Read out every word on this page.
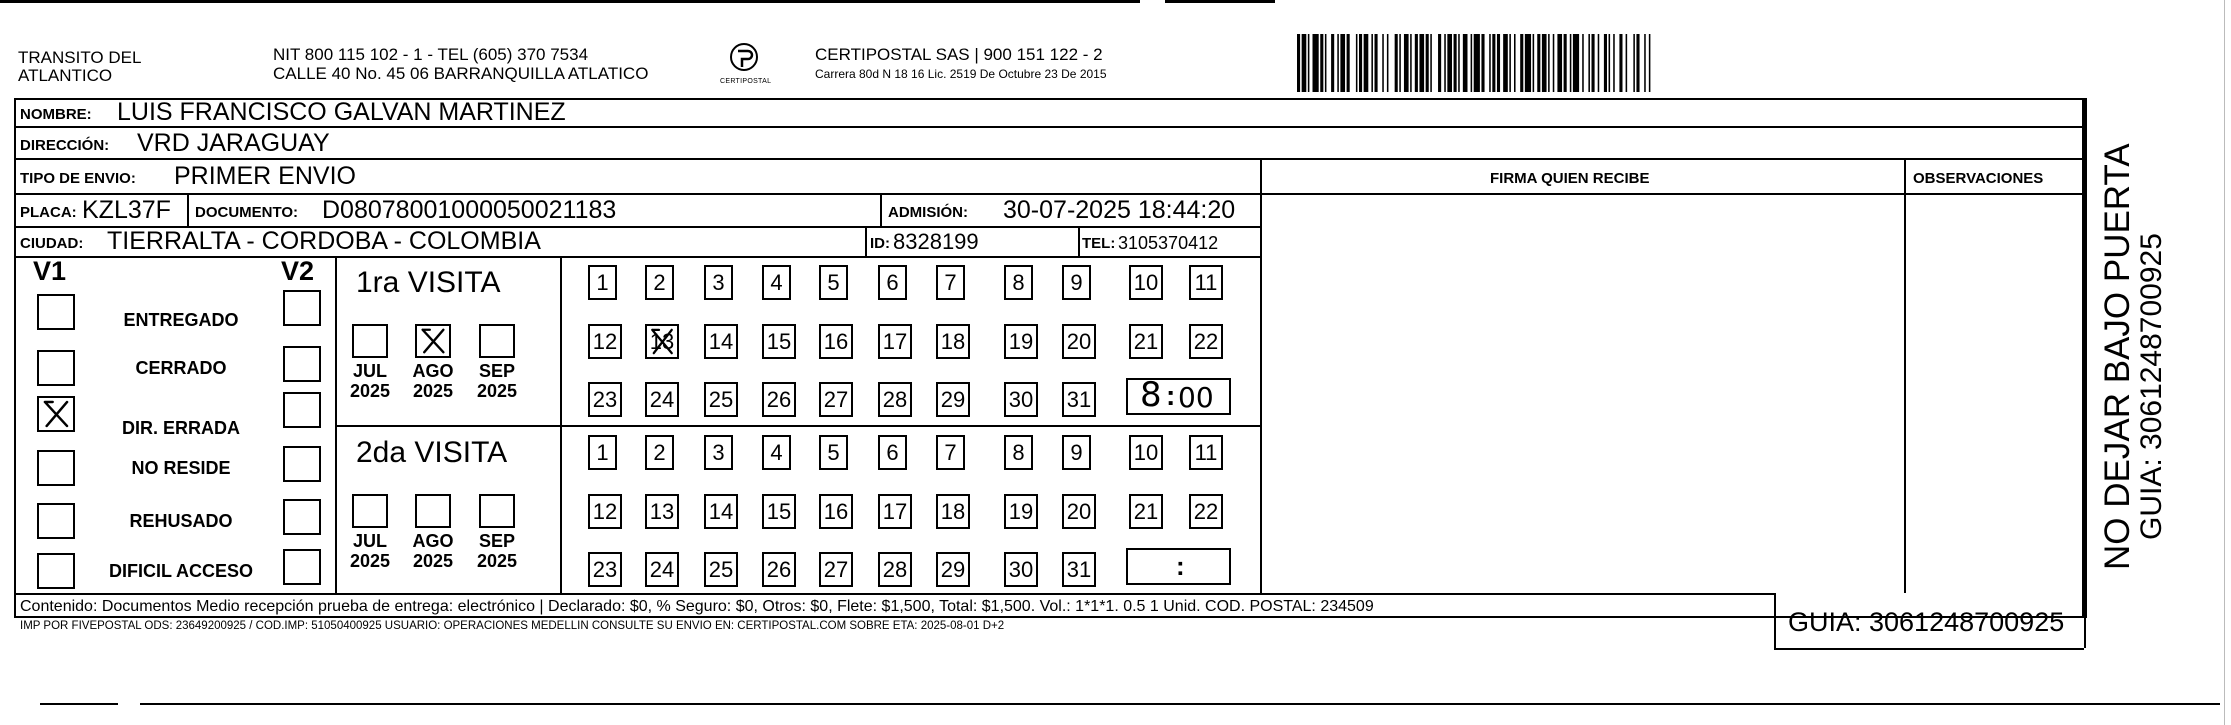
TRANSITO DEL
ATLANTICO
NIT 800 115 102 - 1 - TEL (605) 370 7534
CALLE 40 No. 45 06 BARRANQUILLA ATLATICO	CERTIPOSTAL
CERTIPOSTAL SAS | 900 151 122 - 2
Carrera 80d N 18 16 Lic. 2519 De Octubre 23 De 2015
NOMBRE: LUIS FRANCISCO GALVAN MARTINEZ
DIRECCIÓN: VRD JARAGUAY
TIPO DE ENVIO: PRIMER ENVIO	FIRMA QUIEN RECIBE	OBSERVACIONES
PLACA: KZL37F DOCUMENTO: D08078001000050021183	ADMISIÓN: 30-07-2025 18:44:20
CIUDAD: TIERRALTA - CORDOBA - COLOMBIA	ID: 8328199	TEL: 3105370412
V1	V2
ENTREGADO
CERRADO
DIR. ERRADA
NO RESIDE
REHUSADO
DIFICIL ACCESO
1ra VISITA
JUL
2025
AGO
2025
SEP
2025
1 2 3 4 5 6 7	8 9 10 11
12 13 14 15 16 17 18 19 20 21 22
23 24 25 26 27 28 29 30 31 8 : 00
2da VISITA
JUL
2025
AGO
2025
SEP
2025
1 2 3 4 5 6 7	8 9 10 11
12 13 14 15 16 17 18 19 20 21 22
23 24 25 26 27 28 29 30 31	:
Contenido: Documentos Medio recepción prueba de entrega: electrónico | Declarado: $0, % Seguro: $0, Otros: $0, Flete: $1,500, Total: $1,500. Vol.: 1*1*1. 0.5 1 Unid. COD. POSTAL: 234509
IMP POR FIVEPOSTAL ODS: 23649200925 / COD.IMP: 51050400925 USUARIO: OPERACIONES MEDELLIN CONSULTE SU ENVIO EN: CERTIPOSTAL.COM SOBRE ETA: 2025-08-01 D+2	GUIA: 3061248700925
NO DEJAR BAJO PUERTA
GUIA: 3061248700925
